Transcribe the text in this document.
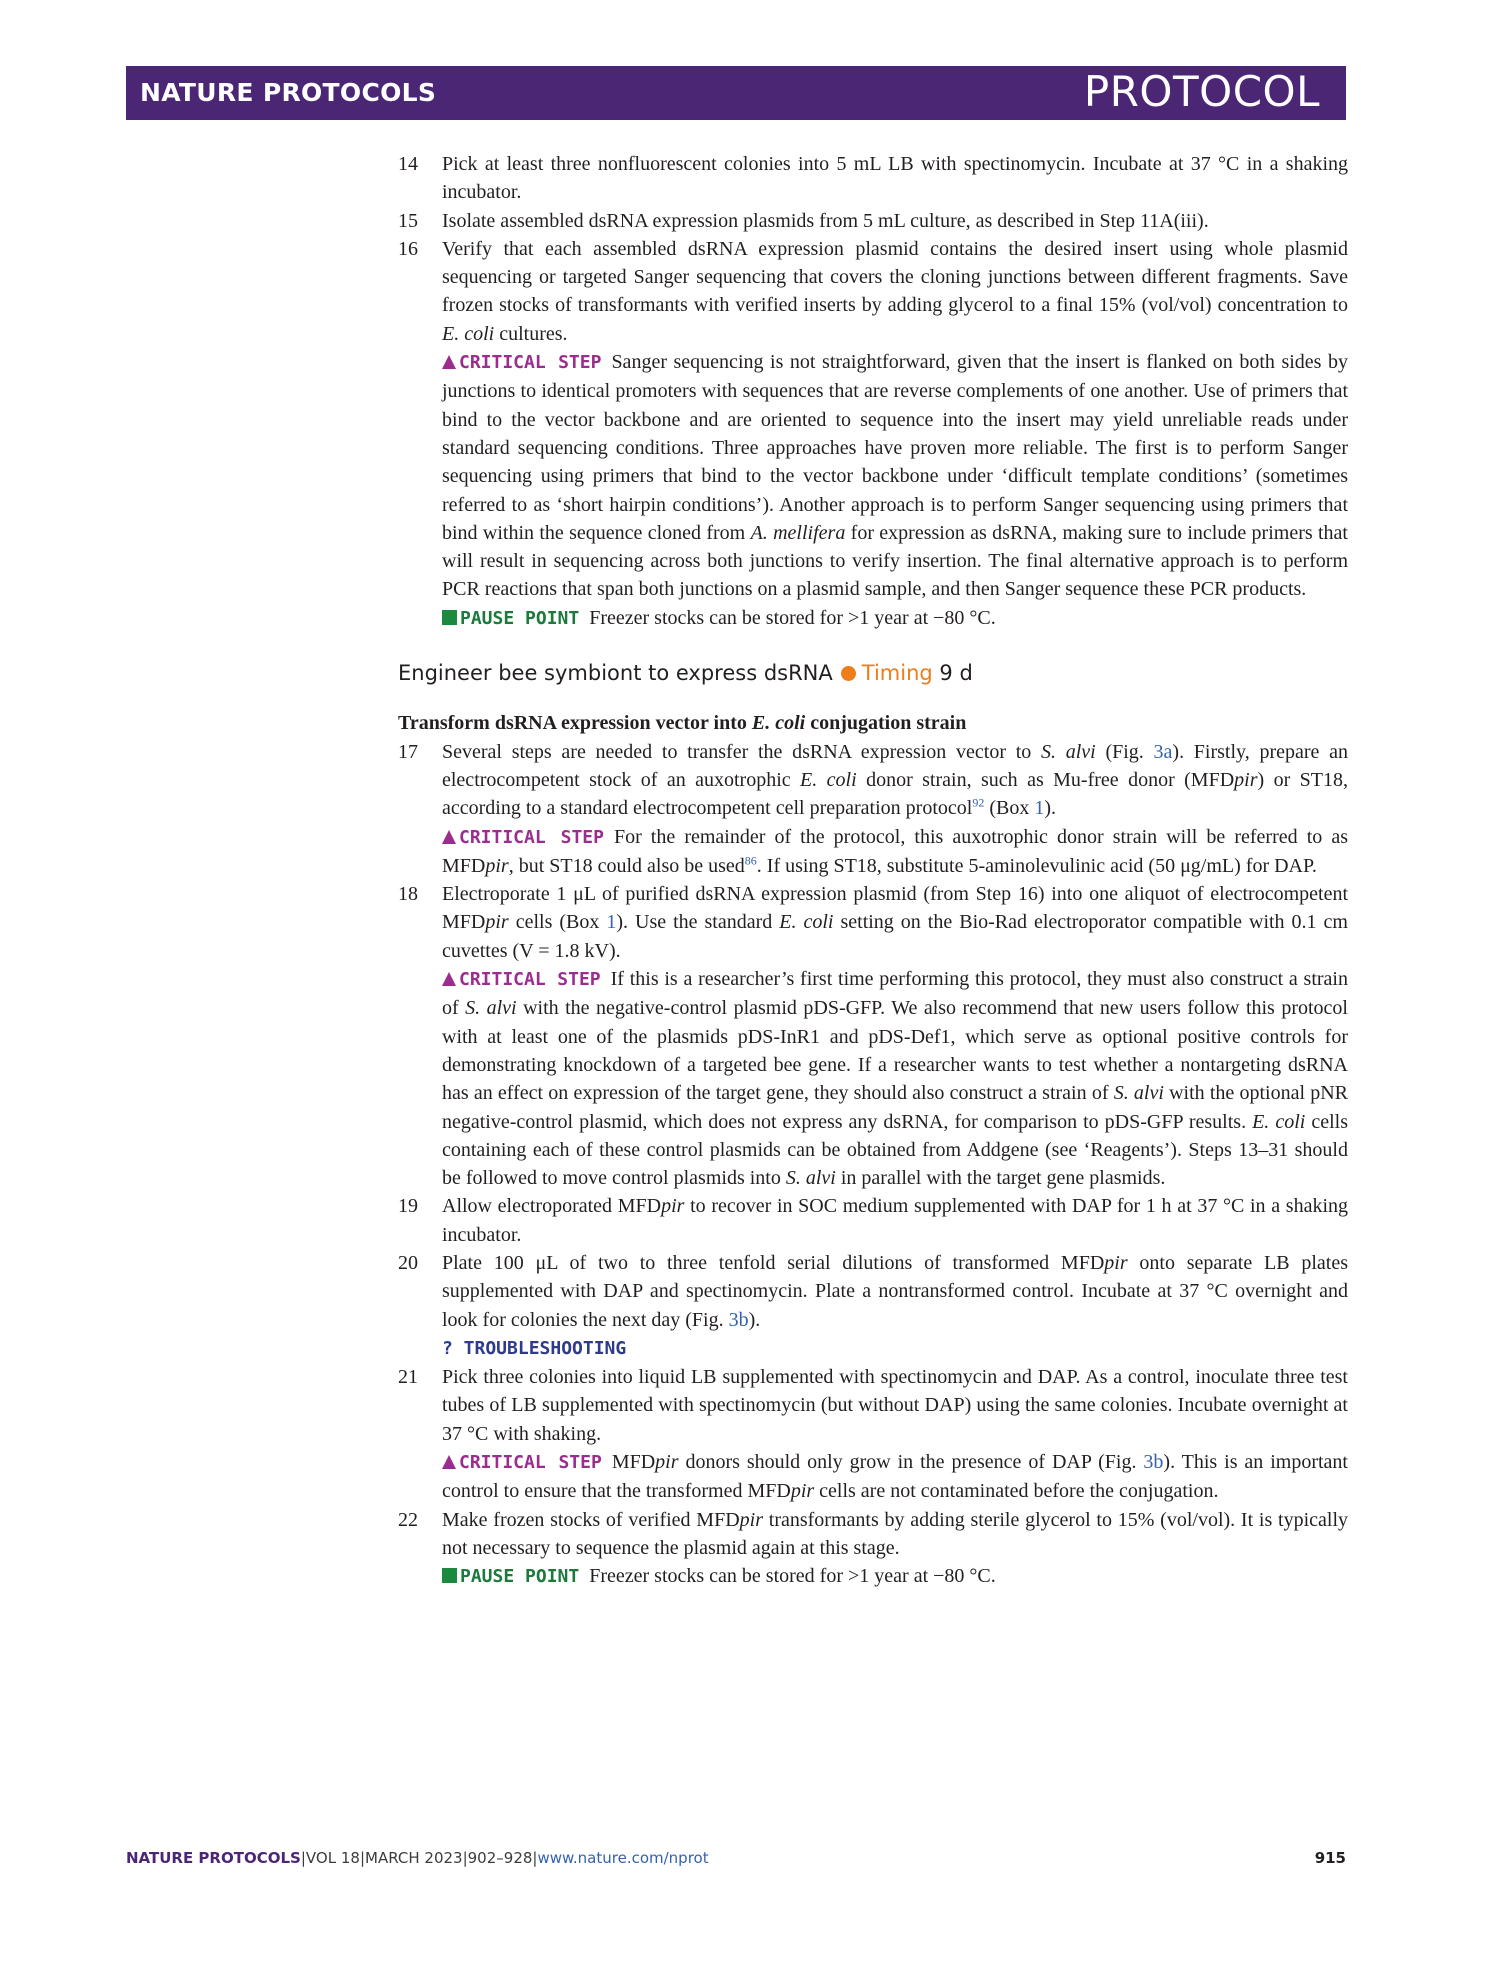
NATURE PROTOCOLS	PROTOCOL
14 Pick at least three nonfluorescent colonies into 5 mL LB with spectinomycin. Incubate at 37 °C in a shaking incubator.

15 Isolate assembled dsRNA expression plasmids from 5 mL culture, as described in Step 11A(iii).

16 Verify that each assembled dsRNA expression plasmid contains the desired insert using whole plasmid sequencing or targeted Sanger sequencing that covers the cloning junctions between different fragments. Save frozen stocks of transformants with verified inserts by adding glycerol to a final 15% (vol/vol) concentration to E. coli cultures.

CRITICAL STEP Sanger sequencing is not straightforward, given that the insert is flanked on both sides by junctions to identical promoters with sequences that are reverse complements of one another. Use of primers that bind to the vector backbone and are oriented to sequence into the insert may yield unreliable reads under standard sequencing conditions. Three approaches have proven more reliable. The first is to perform Sanger sequencing using primers that bind to the vector backbone under ‘difficult template conditions’ (sometimes referred to as ‘short hairpin conditions’). Another approach is to perform Sanger sequencing using primers that bind within the sequence cloned from A. mellifera for expression as dsRNA, making sure to include primers that will result in sequencing across both junctions to verify insertion. The final alternative approach is to perform PCR reactions that span both junctions on a plasmid sample, and then Sanger sequence these PCR products.

PAUSE POINT Freezer stocks can be stored for >1 year at −80 °C.

Engineer bee symbiont to express dsRNA Timing 9 d

Transform dsRNA expression vector into E. coli conjugation strain

17 Several steps are needed to transfer the dsRNA expression vector to S. alvi (Fig. 3a). Firstly, prepare an electrocompetent stock of an auxotrophic E. coli donor strain, such as Mu-free donor (MFDpir) or ST18, according to a standard electrocompetent cell preparation protocol$^{92}$ (Box 1).

CRITICAL STEP For the remainder of the protocol, this auxotrophic donor strain will be referred to as MFDpir, but ST18 could also be used$^{86}$. If using ST18, substitute 5-aminolevulinic acid (50 μg/mL) for DAP.

18 Electroporate 1 μL of purified dsRNA expression plasmid (from Step 16) into one aliquot of electrocompetent MFDpir cells (Box 1). Use the standard E. coli setting on the Bio-Rad electroporator compatible with 0.1 cm cuvettes (V = 1.8 kV).

CRITICAL STEP If this is a researcher’s first time performing this protocol, they must also construct a strain of S. alvi with the negative-control plasmid pDS-GFP. We also recommend that new users follow this protocol with at least one of the plasmids pDS-InR1 and pDS-Def1, which serve as optional positive controls for demonstrating knockdown of a targeted bee gene. If a researcher wants to test whether a nontargeting dsRNA has an effect on expression of the target gene, they should also construct a strain of S. alvi with the optional pNR negative-control plasmid, which does not express any dsRNA, for comparison to pDS-GFP results. E. coli cells containing each of these control plasmids can be obtained from Addgene (see ‘Reagents’). Steps 13–31 should be followed to move control plasmids into S. alvi in parallel with the target gene plasmids.

19 Allow electroporated MFDpir to recover in SOC medium supplemented with DAP for 1 h at 37 °C in a shaking incubator.

20 Plate 100 μL of two to three tenfold serial dilutions of transformed MFDpir onto separate LB plates supplemented with DAP and spectinomycin. Plate a nontransformed control. Incubate at 37 °C overnight and look for colonies the next day (Fig. 3b).

? TROUBLESHOOTING

21 Pick three colonies into liquid LB supplemented with spectinomycin and DAP. As a control, inoculate three test tubes of LB supplemented with spectinomycin (but without DAP) using the same colonies. Incubate overnight at 37 °C with shaking.

CRITICAL STEP MFDpir donors should only grow in the presence of DAP (Fig. 3b). This is an important control to ensure that the transformed MFDpir cells are not contaminated before the conjugation.

22 Make frozen stocks of verified MFDpir transformants by adding sterile glycerol to 15% (vol/vol). It is typically not necessary to sequence the plasmid again at this stage.

PAUSE POINT Freezer stocks can be stored for >1 year at −80 °C.

NATURE PROTOCOLS|VOL 18|MARCH 2023|902–928|www.nature.com/nprot	915
